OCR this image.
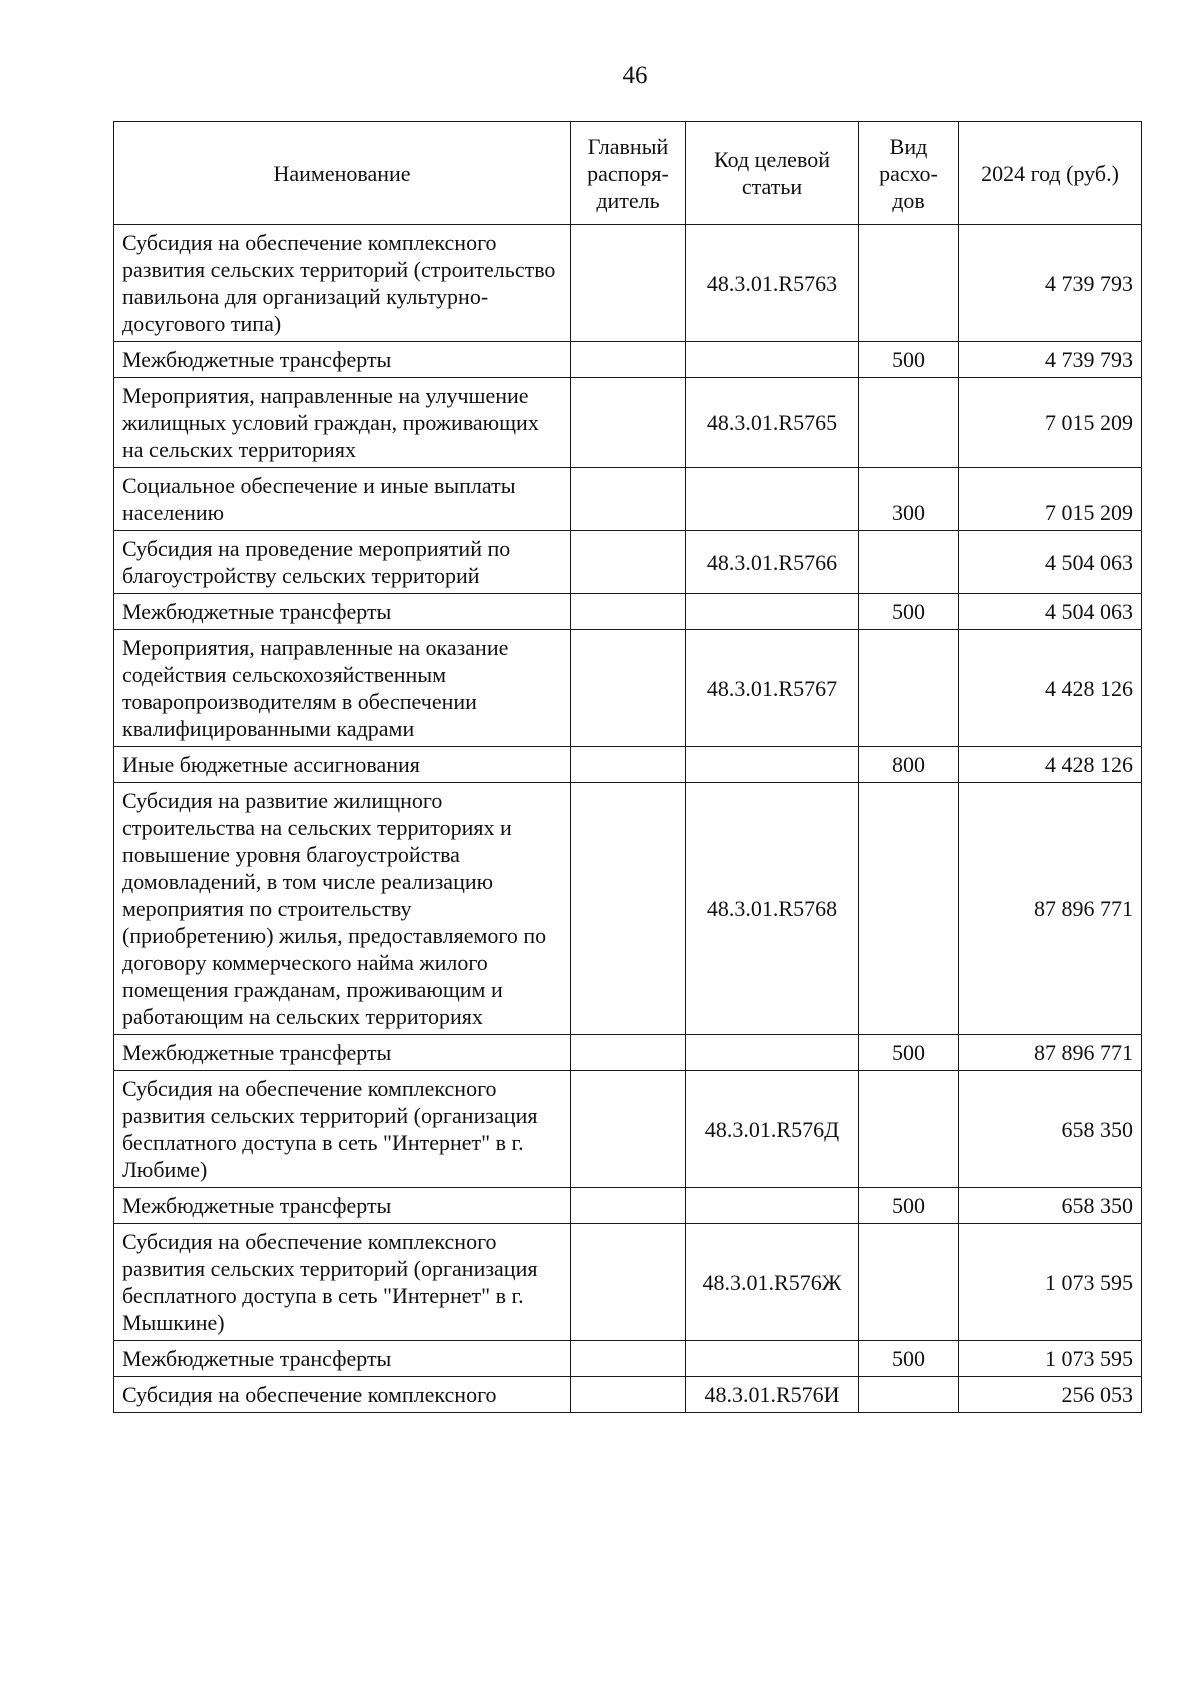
46
Наименование	Главный распоря-дитель	Код целевой статьи	Вид расхо-дов	2024 год (руб.)
Субсидия на обеспечение комплексного развития сельских территорий (строительство павильона для организаций культурно-досугового типа)		48.3.01.R5763		4 739 793
Межбюджетные трансферты			500	4 739 793
Мероприятия, направленные на улучшение жилищных условий граждан, проживающих на сельских территориях		48.3.01.R5765		7 015 209
Социальное обеспечение и иные выплаты населению			300	7 015 209
Субсидия на проведение мероприятий по благоустройству сельских территорий		48.3.01.R5766		4 504 063
Межбюджетные трансферты			500	4 504 063
Мероприятия, направленные на оказание содействия сельскохозяйственным товаропроизводителям в обеспечении квалифицированными кадрами		48.3.01.R5767		4 428 126
Иные бюджетные ассигнования			800	4 428 126
Субсидия на развитие жилищного строительства на сельских территориях и повышение уровня благоустройства домовладений, в том числе реализацию мероприятия по строительству (приобретению) жилья, предоставляемого по договору коммерческого найма жилого помещения гражданам, проживающим и работающим на сельских территориях		48.3.01.R5768		87 896 771
Межбюджетные трансферты			500	87 896 771
Субсидия на обеспечение комплексного развития сельских территорий (организация бесплатного доступа в сеть "Интернет" в г. Любиме)		48.3.01.R576Д		658 350
Межбюджетные трансферты			500	658 350
Субсидия на обеспечение комплексного развития сельских территорий (организация бесплатного доступа в сеть "Интернет" в г. Мышкине)		48.3.01.R576Ж		1 073 595
Межбюджетные трансферты			500	1 073 595
Субсидия на обеспечение комплексного		48.3.01.R576И		256 053
